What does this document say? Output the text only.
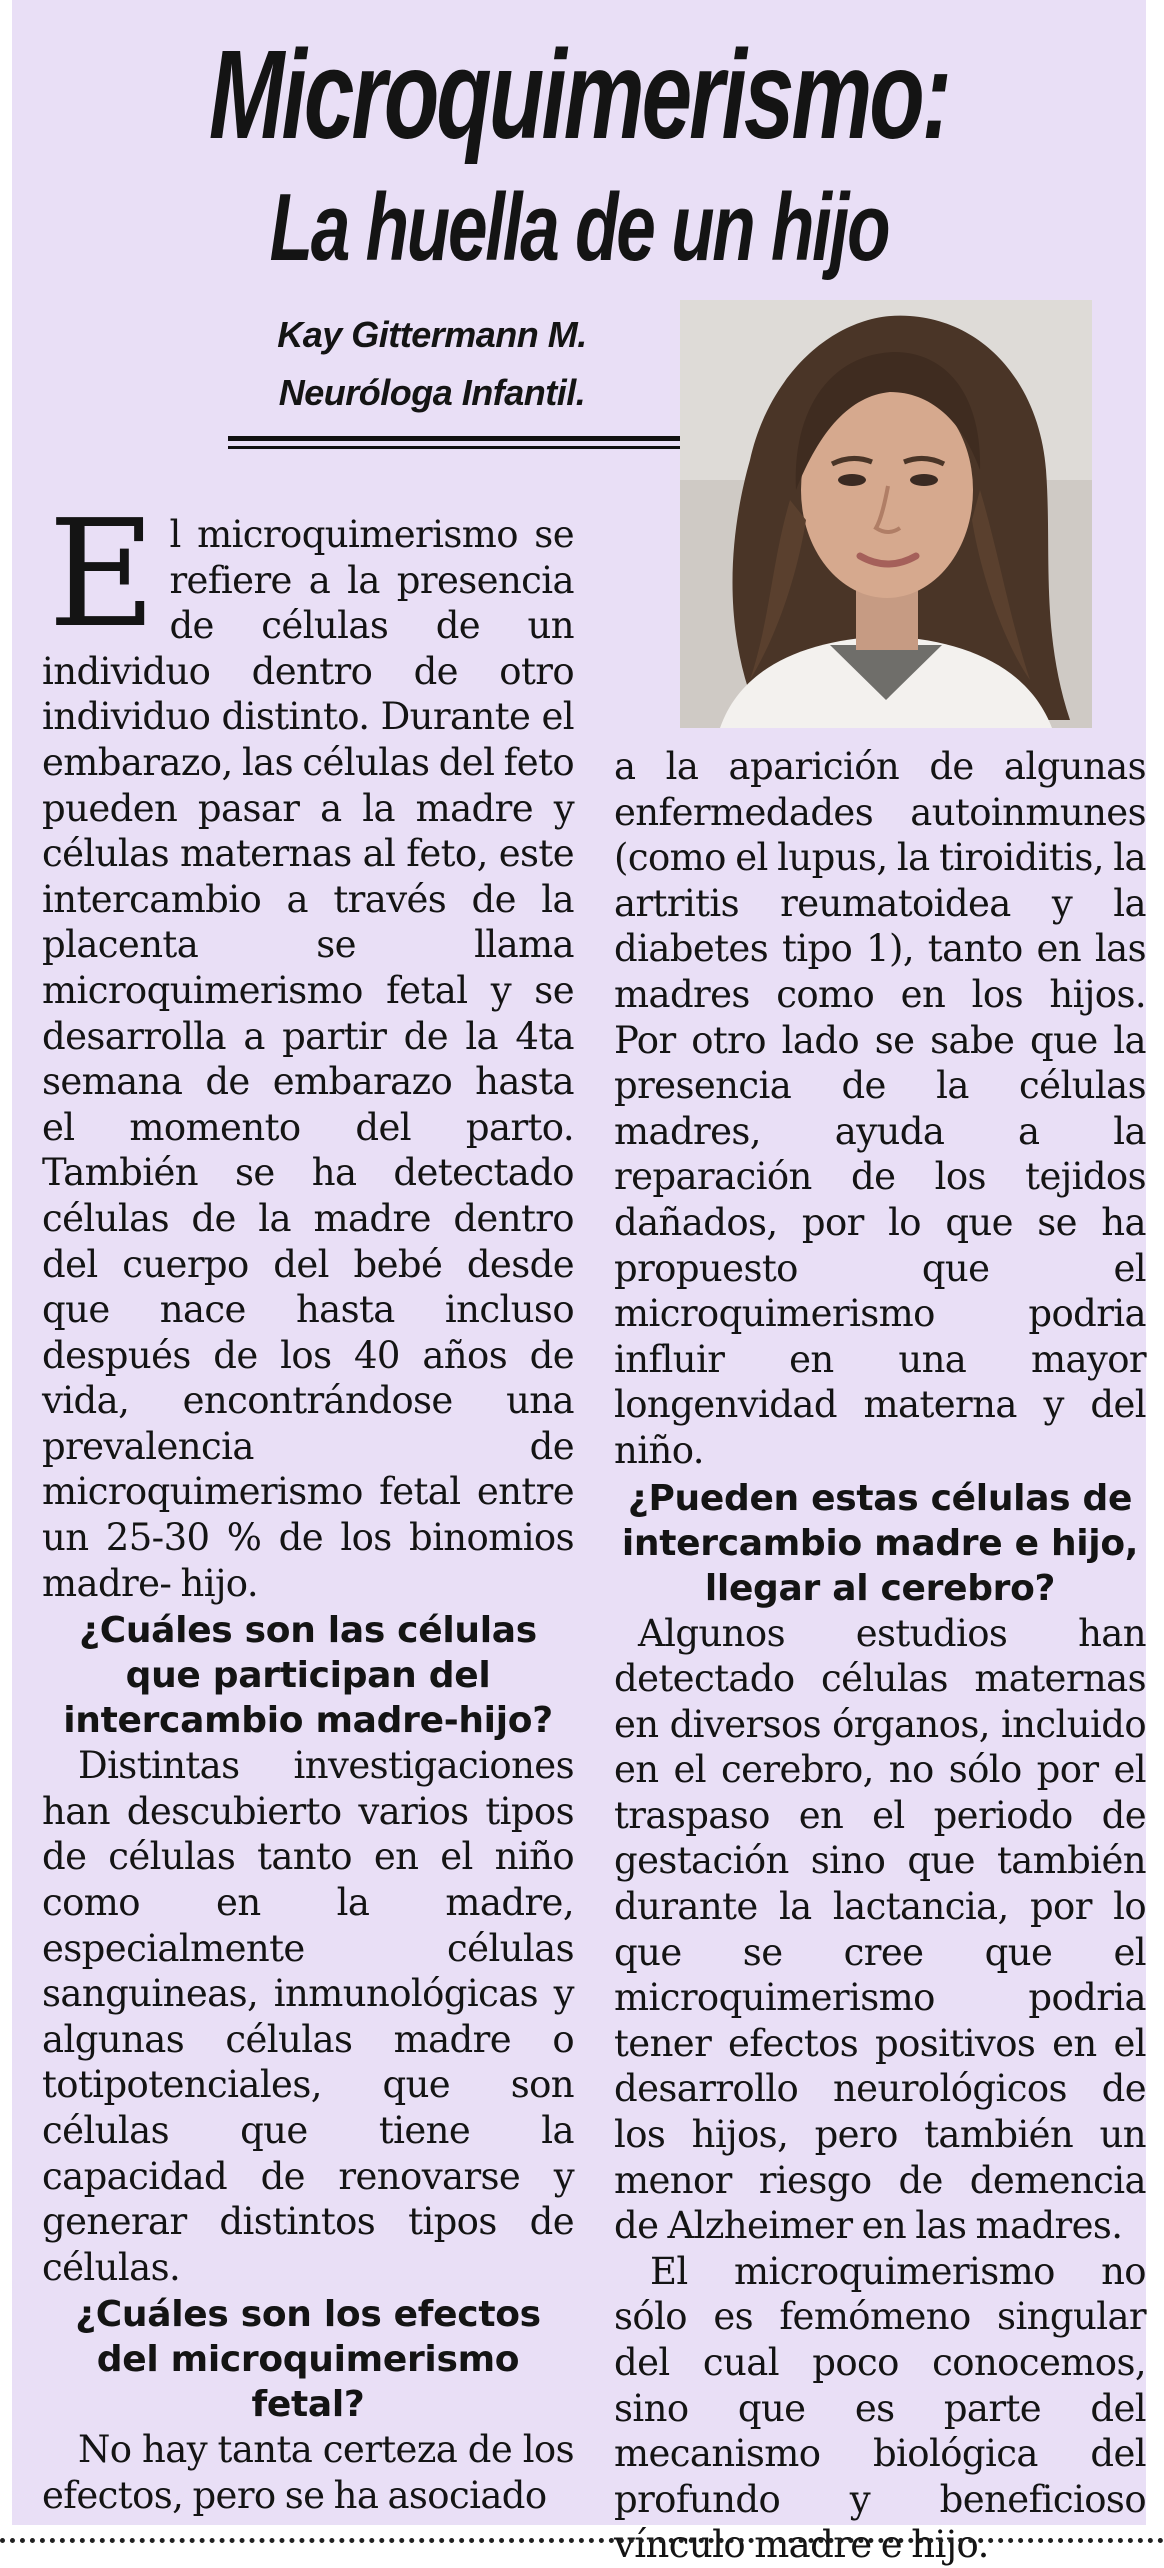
Microquimerismo:
La huella de un hijo
Kay Gittermann M.
Neuróloga Infantil.

El microquimerismo se refiere a la presencia de células de un individuo dentro de otro individuo distinto. Durante el embarazo, las células del feto pueden pasar a la madre y células maternas al feto, este intercambio a través de la placenta se llama microquimerismo fetal y se desarrolla a partir de la 4ta semana de embarazo hasta el momento del parto. También se ha detectado células de la madre dentro del cuerpo del bebé desde que nace hasta incluso después de los 40 años de vida, encontrándose una prevalencia de microquimerismo fetal entre un 25-30 % de los binomios madre- hijo.

¿Cuáles son las células que participan del intercambio madre-hijo?

Distintas investigaciones han descubierto varios tipos de células tanto en el niño como en la madre, especialmente células sanguineas, inmunológicas y algunas células madre o totipotenciales, que son células que tiene la capacidad de renovarse y generar distintos tipos de células.

¿Cuáles son los efectos del microquimerismo fetal?

No hay tanta certeza de los efectos, pero se ha asociado

a la aparición de algunas enfermedades autoinmunes (como el lupus, la tiroiditis, la artritis reumatoidea y la diabetes tipo 1), tanto en las madres como en los hijos. Por otro lado se sabe que la presencia de la células madres, ayuda a la reparación de los tejidos dañados, por lo que se ha propuesto que el microquimerismo podria influir en una mayor longenvidad materna y del niño.

¿Pueden estas células de intercambio madre e hijo, llegar al cerebro?

Algunos estudios han detectado células maternas en diversos órganos, incluido en el cerebro, no sólo por el traspaso en el periodo de gestación sino que también durante la lactancia, por lo que se cree que el microquimerismo podria tener efectos positivos en el desarrollo neurológicos de los hijos, pero también un menor riesgo de demencia de Alzheimer en las madres.

El microquimerismo no sólo es femómeno singular del cual poco conocemos, sino que es parte del mecanismo biológica del profundo y beneficioso vínculo madre e hijo.
